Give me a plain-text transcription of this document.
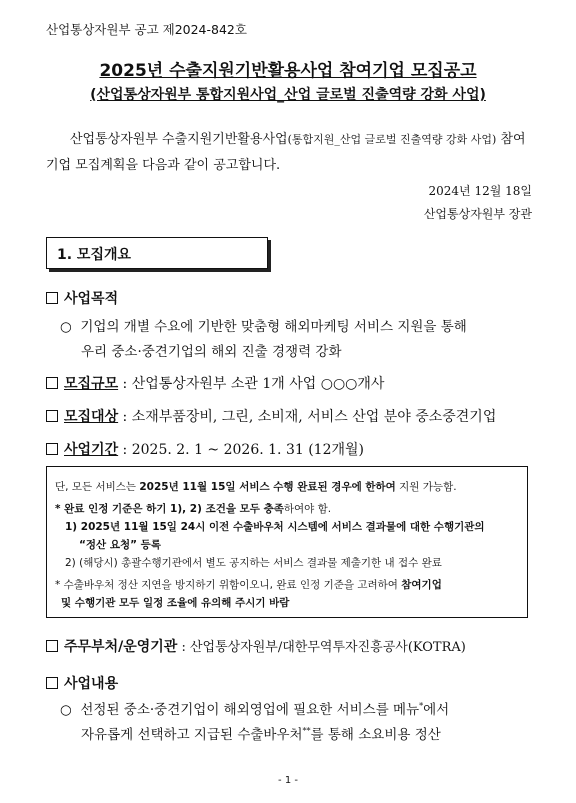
산업통상자원부 공고 제2024-842호
2025년 수출지원기반활용사업 참여기업 모집공고
(산업통상자원부 통합지원사업_산업 글로벌 진출역량 강화 사업)
산업통상자원부 수출지원기반활용사업(통합지원_산업 글로벌 진출역량 강화 사업) 참여기업 모집계획을 다음과 같이 공고합니다.
2024년 12월 18일
산업통상자원부 장관
1. 모집개요
사업목적
○ 기업의 개별 수요에 기반한 맞춤형 해외마케팅 서비스 지원을 통해
우리 중소·중견기업의 해외 진출 경쟁력 강화
모집규모 : 산업통상자원부 소관 1개 사업 ○○○개사
모집대상 : 소재부품장비, 그린, 소비재, 서비스 산업 분야 중소중견기업
사업기간 : 2025. 2. 1 ~ 2026. 1. 31 (12개월)
단, 모든 서비스는 2025년 11월 15일 서비스 수행 완료된 경우에 한하여 지원 가능함.
* 완료 인정 기준은 하기 1), 2) 조건을 모두 충족하여야 함.
1) 2025년 11월 15일 24시 이전 수출바우처 시스템에 서비스 결과물에 대한 수행기관의
“정산 요청” 등록
2) (해당시) 총괄수행기관에서 별도 공지하는 서비스 결과물 제출기한 내 접수 완료
* 수출바우처 정산 지연을 방지하기 위함이오니, 완료 인정 기준을 고려하여 참여기업
및 수행기관 모두 일정 조율에 유의해 주시기 바람
주무부처/운영기관 : 산업통상자원부/대한무역투자진흥공사(KOTRA)
사업내용
○ 선정된 중소·중견기업이 해외영업에 필요한 서비스를 메뉴*에서
자유롭게 선택하고 지급된 수출바우처**를 통해 소요비용 정산
- 1 -
